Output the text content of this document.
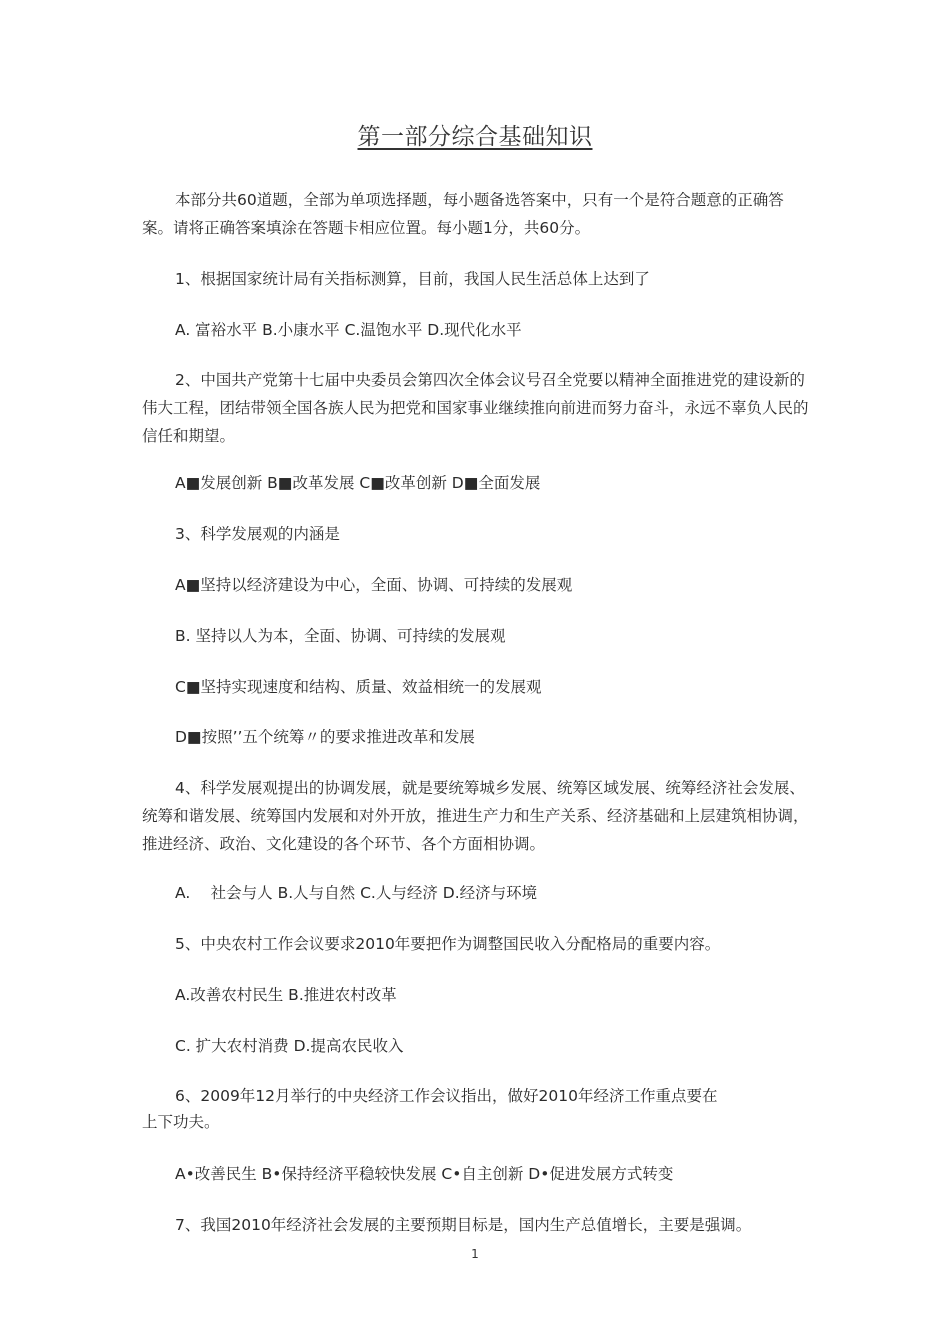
第一部分综合基础知识

本部分共60道题，全部为单项选择题，每小题备选答案中，只有一个是符合题意的正确答案。请将正确答案填涂在答题卡相应位置。每小题1分，共60分。

1、根据国家统计局有关指标测算，目前，我国人民生活总体上达到了

A. 富裕水平 B.小康水平 C.温饱水平 D.现代化水平

2、中国共产党第十七届中央委员会第四次全体会议号召全党要以精神全面推进党的建设新的伟大工程，团结带领全国各族人民为把党和国家事业继续推向前进而努力奋斗，永远不辜负人民的信任和期望。

A■发展创新 B■改革发展 C■改革创新 D■全面发展

3、科学发展观的内涵是

A■坚持以经济建设为中心，全面、协调、可持续的发展观

B. 坚持以人为本，全面、协调、可持续的发展观

C■坚持实现速度和结构、质量、效益相统一的发展观

D■按照’’五个统筹〃的要求推进改革和发展

4、科学发展观提出的协调发展，就是要统筹城乡发展、统筹区域发展、统筹经济社会发展、统筹和谐发展、统筹国内发展和对外开放，推进生产力和生产关系、经济基础和上层建筑相协调，推进经济、政治、文化建设的各个环节、各个方面相协调。

A.　 社会与人 B.人与自然 C.人与经济 D.经济与环境

5、中央农村工作会议要求2010年要把作为调整国民收入分配格局的重要内容。

A.改善农村民生 B.推进农村改革

C. 扩大农村消费 D.提高农民收入

6、2009年12月举行的中央经济工作会议指出，做好2010年经济工作重点要在

上下功夫。

A•改善民生 B•保持经济平稳较快发展 C•自主创新 D•促进发展方式转变

7、我国2010年经济社会发展的主要预期目标是，国内生产总值增长，主要是强调。

1
